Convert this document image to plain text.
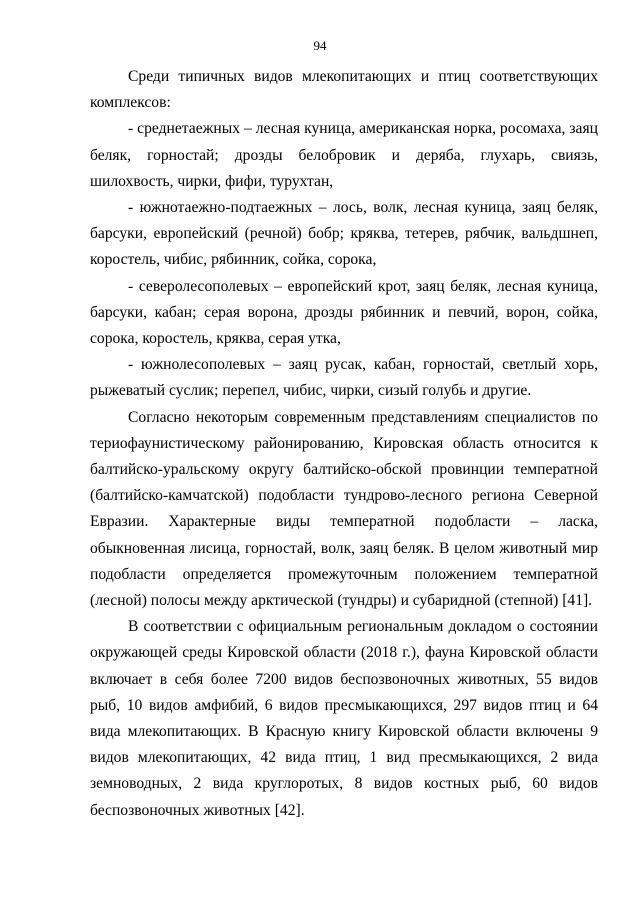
94

Среди типичных видов млекопитающих и птиц соответствующих комплексов:

- среднетаежных – лесная куница, американская норка, росомаха, заяц беляк, горностай; дрозды белобровик и деряба, глухарь, свиязь, шилохвость, чирки, фифи, турухтан,

- южнотаежно-подтаежных – лось, волк, лесная куница, заяц беляк, барсуки, европейский (речной) бобр; кряква, тетерев, рябчик, вальдшнеп, коростель, чибис, рябинник, сойка, сорока,

- северолесополевых – европейский крот, заяц беляк, лесная куница, барсуки, кабан; серая ворона, дрозды рябинник и певчий, ворон, сойка, сорока, коростель, кряква, серая утка,

- южнолесополевых – заяц русак, кабан, горностай, светлый хорь, рыжеватый суслик; перепел, чибис, чирки, сизый голубь и другие.

Согласно некоторым современным представлениям специалистов по териофаунистическому районированию, Кировская область относится к балтийско-уральскому округу балтийско-обской провинции температной (балтийско-камчатской) подобласти тундрово-лесного региона Северной Евразии. Характерные виды температной подобласти – ласка, обыкновенная лисица, горностай, волк, заяц беляк. В целом животный мир подобласти определяется промежуточным положением температной (лесной) полосы между арктической (тундры) и субаридной (степной) [41].

В соответствии с официальным региональным докладом о состоянии окружающей среды Кировской области (2018 г.), фауна Кировской области включает в себя более 7200 видов беспозвоночных животных, 55 видов рыб, 10 видов амфибий, 6 видов пресмыкающихся, 297 видов птиц и 64 вида млекопитающих. В Красную книгу Кировской области включены 9 видов млекопитающих, 42 вида птиц, 1 вид пресмыкающихся, 2 вида земноводных, 2 вида круглоротых, 8 видов костных рыб, 60 видов беспозвоночных животных [42].
